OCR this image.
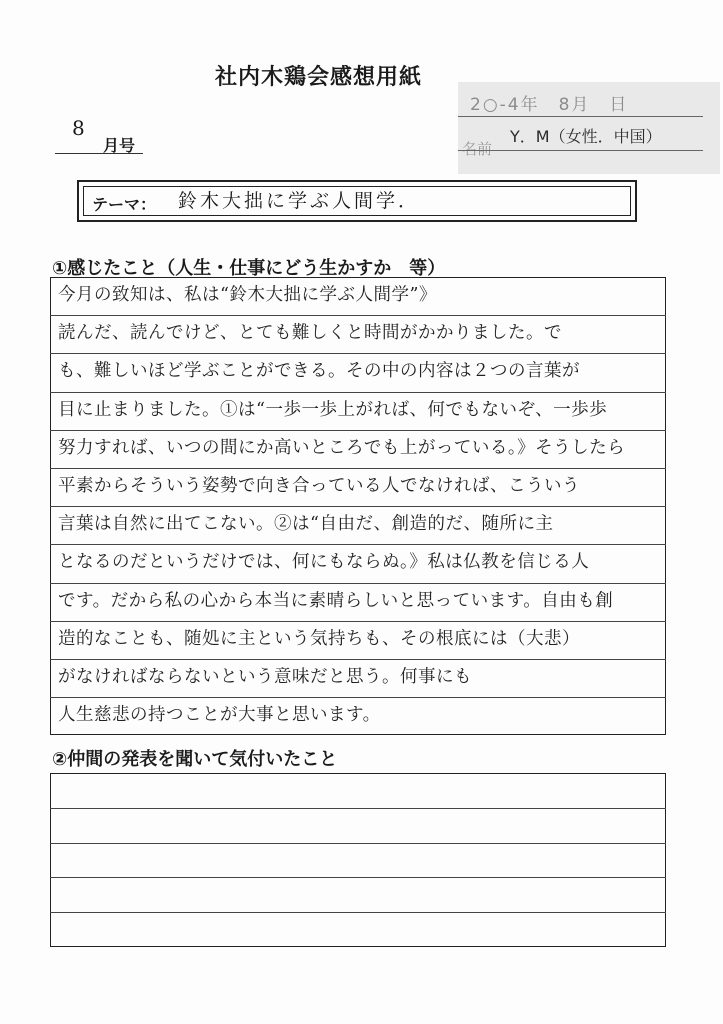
社内木鶏会感想用紙
2○-4年　8月　日
名前
Y．M（女性．中国）
8
月号
テーマ： 鈴木大拙に学ぶ人間学．
①感じたこと（人生・仕事にどう生かすか　等）
今月の致知は、私は“鈴木大拙に学ぶ人間学”》
読んだ、読んでけど、とても難しくと時間がかかりました。で
も、難しいほど学ぶことができる。その中の内容は２つの言葉が
目に止まりました。①は“一歩一歩上がれば、何でもないぞ、一歩歩
努力すれば、いつの間にか高いところでも上がっている。》そうしたら
平素からそういう姿勢で向き合っている人でなければ、こういう
言葉は自然に出てこない。②は“自由だ、創造的だ、随所に主
となるのだというだけでは、何にもならぬ。》私は仏教を信じる人
です。だから私の心から本当に素晴らしいと思っています。自由も創
造的なことも、随処に主という気持ちも、その根底には（大悲）
がなければならないという意味だと思う。何事にも
人生慈悲の持つことが大事と思います。
②仲間の発表を聞いて気付いたこと
